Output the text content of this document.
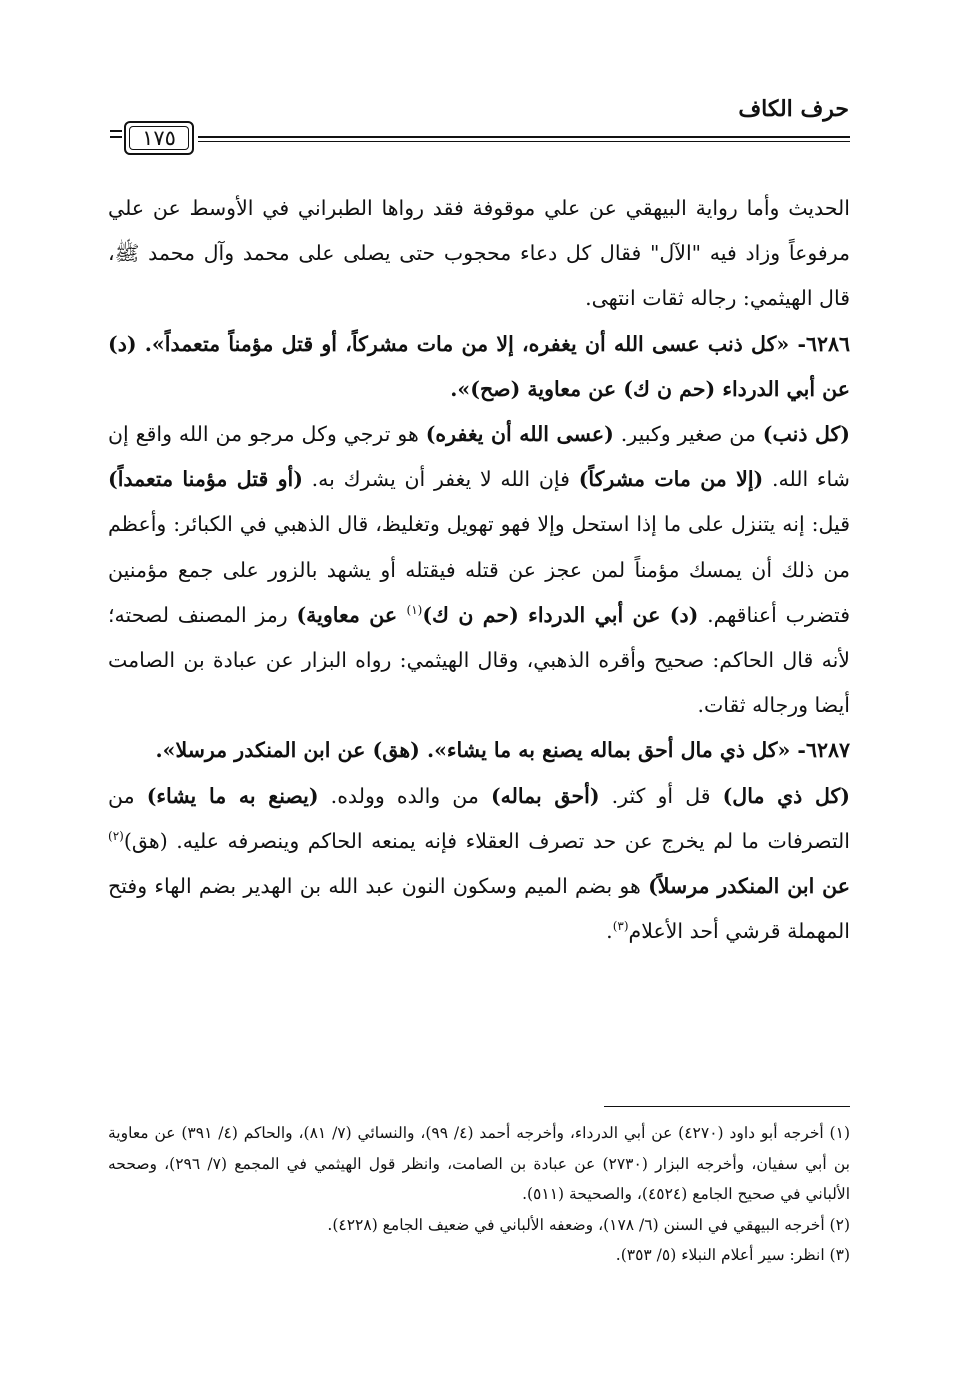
حرف الكاف
١٧٥

الحديث وأما رواية البيهقي عن علي موقوفة فقد رواها الطبراني في الأوسط عن علي مرفوعاً وزاد فيه "الآل" فقال كل دعاء محجوب حتى يصلى على محمد وآل محمد ﷺ، قال الهيثمي: رجاله ثقات انتهى.

٦٢٨٦- «كل ذنب عسى الله أن يغفره، إلا من مات مشركاً، أو قتل مؤمناً متعمداً». (د) عن أبي الدرداء (حم ن ك) عن معاوية (صح)».

(كل ذنب) من صغير وكبير. (عسى الله أن يغفره) هو ترجي وكل مرجو من الله واقع إن شاء الله. (إلا من مات مشركاً) فإن الله لا يغفر أن يشرك به. (أو قتل مؤمنا متعمداً) قيل: إنه يتنزل على ما إذا استحل وإلا فهو تهويل وتغليظ، قال الذهبي في الكبائر: وأعظم من ذلك أن يمسك مؤمناً لمن عجز عن قتله فيقتله أو يشهد بالزور على جمع مؤمنين فتضرب أعناقهم. (د) عن أبي الدرداء (حم ن ك)$^{(١)}$ عن معاوية) رمز المصنف لصحته؛ لأنه قال الحاكم: صحيح وأقره الذهبي، وقال الهيثمي: رواه البزار عن عبادة بن الصامت أيضا ورجاله ثقات.

٦٢٨٧- «كل ذي مال أحق بماله يصنع به ما يشاء». (هق) عن ابن المنكدر مرسلا».

(كل ذي مال) قل أو كثر. (أحق بماله) من والده وولده. (يصنع به ما يشاء) من التصرفات ما لم يخرج عن حد تصرف العقلاء فإنه يمنعه الحاكم وينصرفه عليه. (هق)$^{(٢)}$ عن ابن المنكدر مرسلاً) هو بضم الميم وسكون النون عبد الله بن الهدير بضم الهاء وفتح المهملة قرشي أحد الأعلام$^{(٣)}$.

(١) أخرجه أبو داود (٤٢٧٠) عن أبي الدرداء، وأخرجه أحمد (٤/ ٩٩)، والنسائي (٧/ ٨١)، والحاكم (٤/ ٣٩١) عن معاوية بن أبي سفيان، وأخرجه البزار (٢٧٣٠) عن عبادة بن الصامت، وانظر قول الهيثمي في المجمع (٧/ ٢٩٦)، وصححه الألباني في صحيح الجامع (٤٥٢٤)، والصحيحة (٥١١).

(٢) أخرجه البيهقي في السنن (٦/ ١٧٨)، وضعفه الألباني في ضعيف الجامع (٤٢٢٨).

(٣) انظر: سير أعلام النبلاء (٥/ ٣٥٣).
